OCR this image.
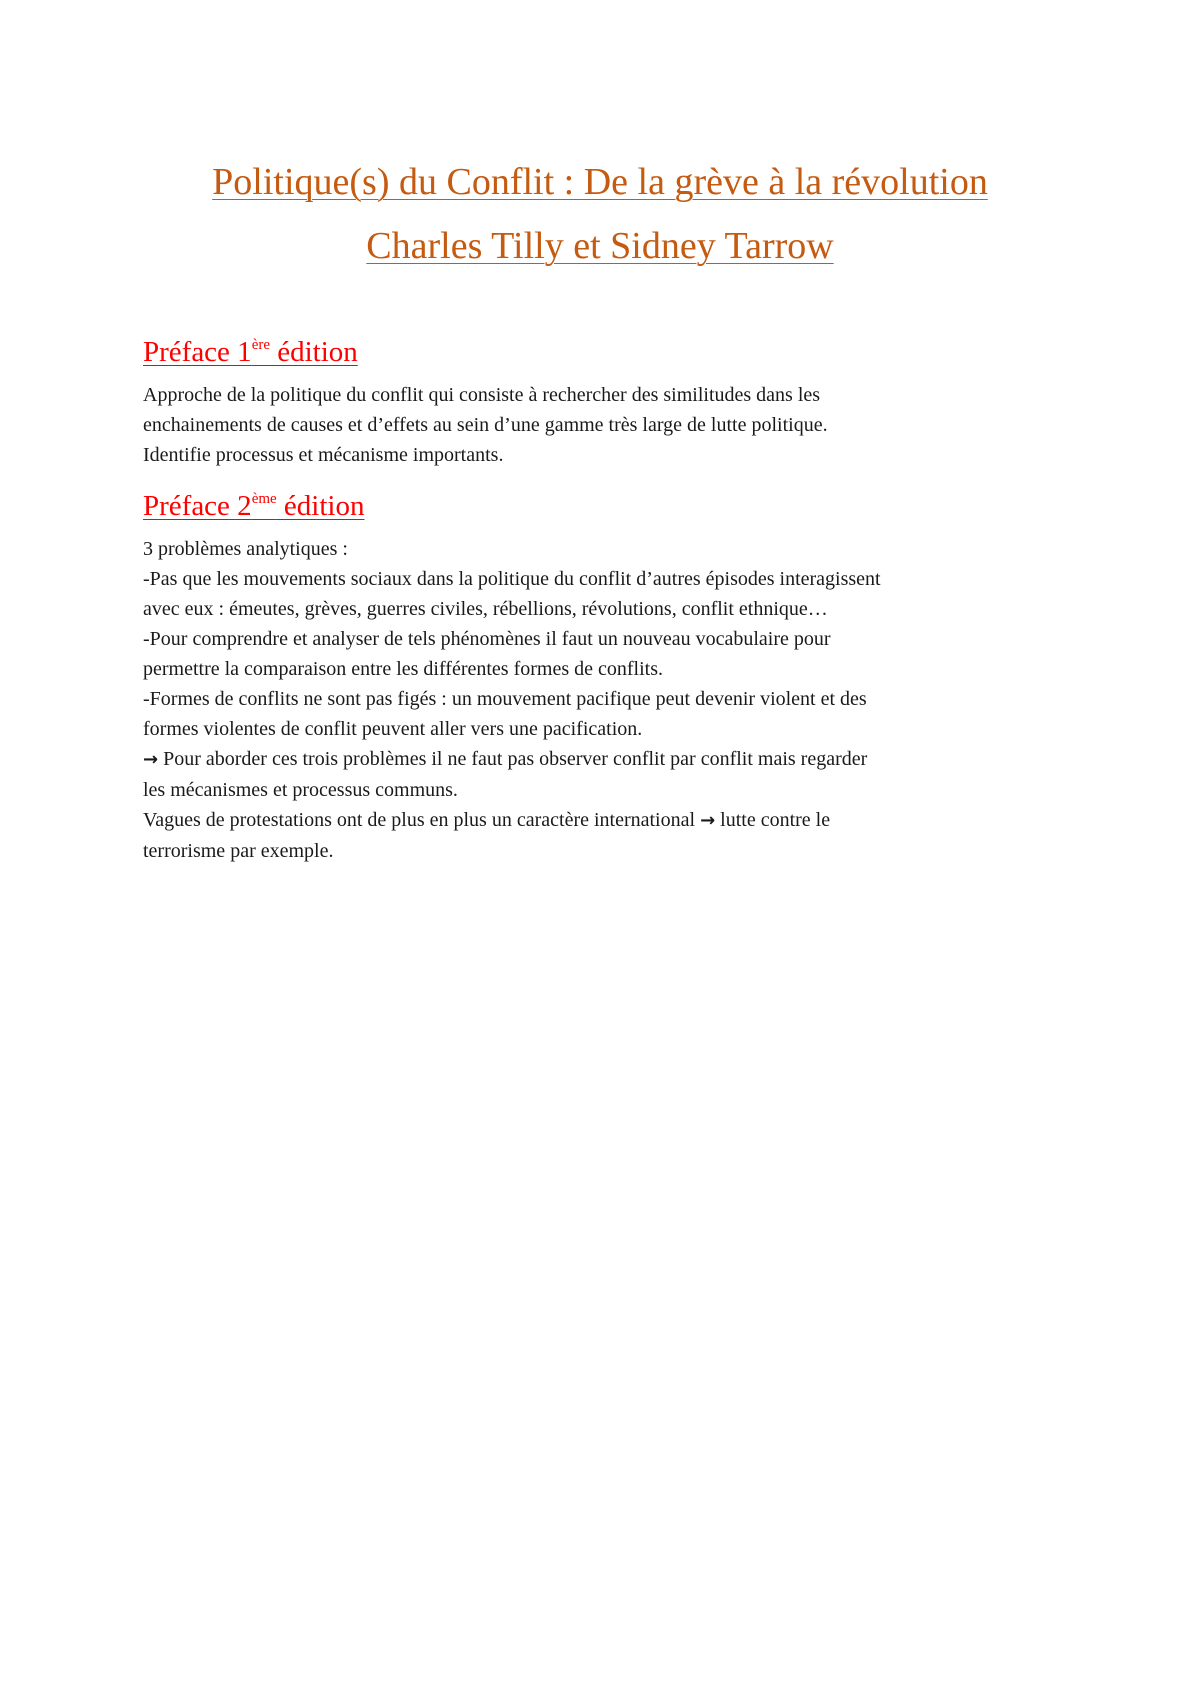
Politique(s) du Conflit : De la grève à la révolution

Charles Tilly et Sidney Tarrow

Préface 1ère édition

Approche de la politique du conflit qui consiste à rechercher des similitudes dans les

enchainements de causes et d’effets au sein d’une gamme très large de lutte politique.

Identifie processus et mécanisme importants.

Préface 2ème édition

3 problèmes analytiques :

-Pas que les mouvements sociaux dans la politique du conflit d’autres épisodes interagissent

avec eux : émeutes, grèves, guerres civiles, rébellions, révolutions, conflit ethnique…

-Pour comprendre et analyser de tels phénomènes il faut un nouveau vocabulaire pour

permettre la comparaison entre les différentes formes de conflits.

-Formes de conflits ne sont pas figés : un mouvement pacifique peut devenir violent et des

formes violentes de conflit peuvent aller vers une pacification.

→ Pour aborder ces trois problèmes il ne faut pas observer conflit par conflit mais regarder

les mécanismes et processus communs.

Vagues de protestations ont de plus en plus un caractère international → lutte contre le

terrorisme par exemple.
